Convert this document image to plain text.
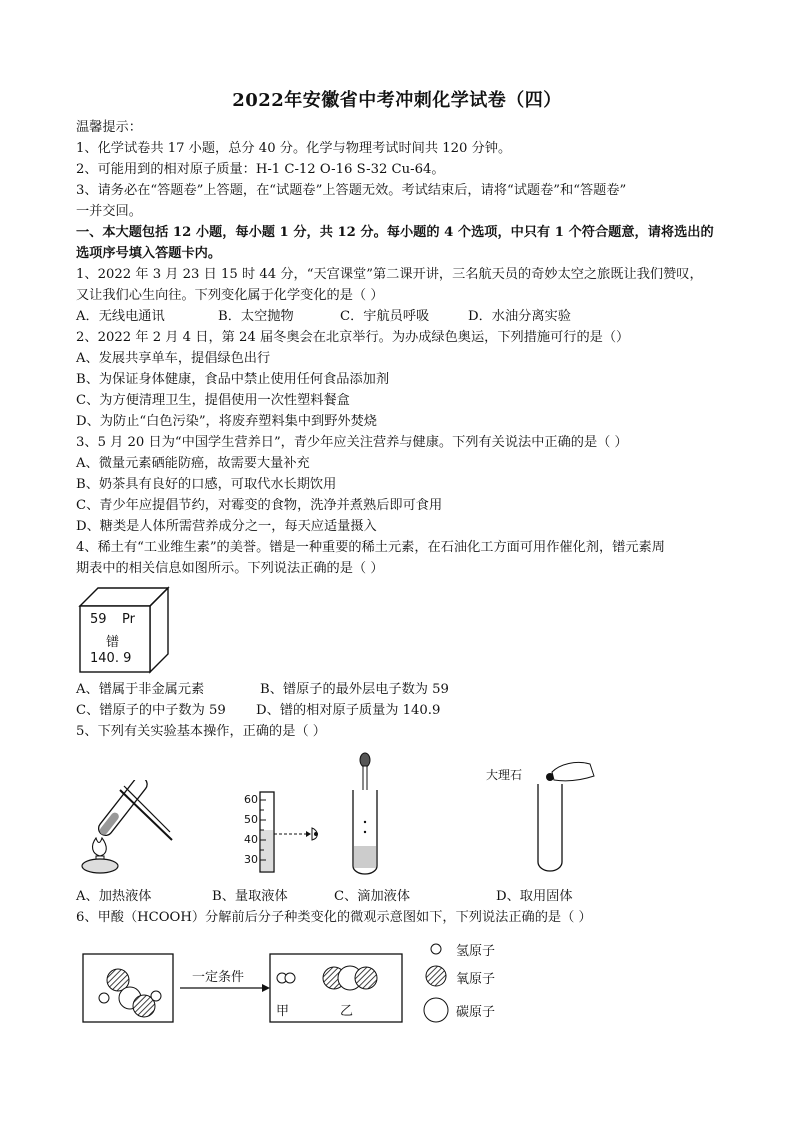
2022年安徽省中考冲刺化学试卷（四）
温馨提示：
1、化学试卷共 17 小题，总分 40 分。化学与物理考试时间共 120 分钟。
2、可能用到的相对原子质量：H-1 C-12 O-16 S-32 Cu-64。
3、请务必在“答题卷”上答题，在“试题卷”上答题无效。考试结束后，请将“试题卷”和“答题卷”
一并交回。
一、本大题包括 12 小题，每小题 1 分，共 12 分。每小题的 4 个选项，中只有 1 个符合题意，请将选出的
选项序号填入答题卡内。
1、2022 年 3 月 23 日 15 时 44 分，“天宫课堂”第二课开讲，三名航天员的奇妙太空之旅既让我们赞叹，
又让我们心生向往。下列变化属于化学变化的是（ ）
A．无线电通讯	B．太空抛物	C．宇航员呼吸	D．水油分离实验
2、2022 年 2 月 4 日，第 24 届冬奥会在北京举行。为办成绿色奥运，下列措施可行的是（）
A、发展共享单车，提倡绿色出行
B、为保证身体健康，食品中禁止使用任何食品添加剂
C、为方便清理卫生，提倡使用一次性塑料餐盒
D、为防止“白色污染”，将废弃塑料集中到野外焚烧
3、5 月 20 日为“中国学生营养日”，青少年应关注营养与健康。下列有关说法中正确的是（ ）
A、微量元素硒能防癌，故需要大量补充
B、奶茶具有良好的口感，可取代水长期饮用
C、青少年应提倡节约，对霉变的食物，洗净并煮熟后即可食用
D、糖类是人体所需营养成分之一，每天应适量摄入
4、稀土有“工业维生素”的美誉。镨是一种重要的稀土元素，在石油化工方面可用作催化剂，镨元素周
期表中的相关信息如图所示。下列说法正确的是（ ）
59 Pr
镨
140. 9
A、镨属于非金属元素	B、镨原子的最外层电子数为 59
C、镨原子的中子数为 59 D、镨的相对原子质量为 140.9
5、下列有关实验基本操作，正确的是（ ）
60
50
40
30
大理石
A、加热液体	B、量取液体	C、滴加液体	D、取用固体
6、甲酸（HCOOH）分解前后分子种类变化的微观示意图如下，下列说法正确的是（ ）
一定条件
甲	乙
氢原子
氧原子
碳原子
